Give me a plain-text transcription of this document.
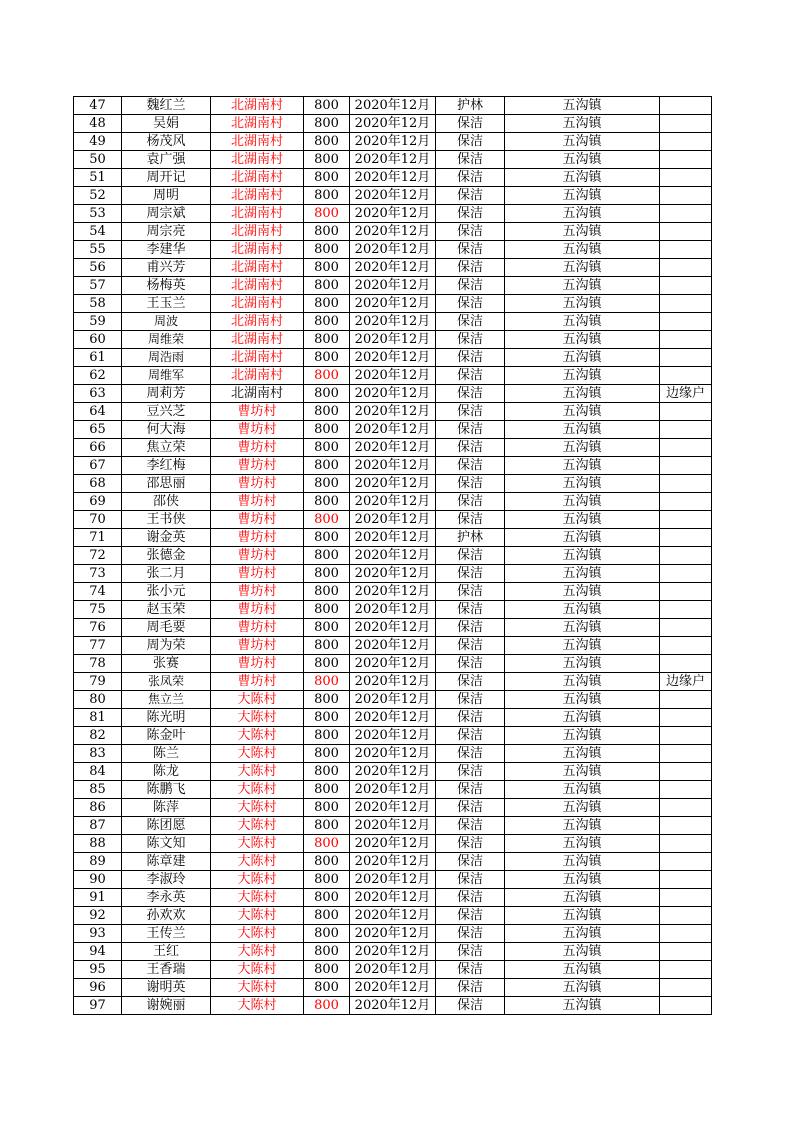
47	魏红兰	北湖南村	800	2020年12月	护林	五沟镇	
48	吴娟	北湖南村	800	2020年12月	保洁	五沟镇	
49	杨茂风	北湖南村	800	2020年12月	保洁	五沟镇	
50	袁广强	北湖南村	800	2020年12月	保洁	五沟镇	
51	周开记	北湖南村	800	2020年12月	保洁	五沟镇	
52	周明	北湖南村	800	2020年12月	保洁	五沟镇	
53	周宗斌	北湖南村	800	2020年12月	保洁	五沟镇	
54	周宗亮	北湖南村	800	2020年12月	保洁	五沟镇	
55	李建华	北湖南村	800	2020年12月	保洁	五沟镇	
56	甫兴芳	北湖南村	800	2020年12月	保洁	五沟镇	
57	杨梅英	北湖南村	800	2020年12月	保洁	五沟镇	
58	王玉兰	北湖南村	800	2020年12月	保洁	五沟镇	
59	周波	北湖南村	800	2020年12月	保洁	五沟镇	
60	周维荣	北湖南村	800	2020年12月	保洁	五沟镇	
61	周浩雨	北湖南村	800	2020年12月	保洁	五沟镇	
62	周维军	北湖南村	800	2020年12月	保洁	五沟镇	
63	周莉芳	北湖南村	800	2020年12月	保洁	五沟镇	边缘户
64	豆兴芝	曹坊村	800	2020年12月	保洁	五沟镇	
65	何大海	曹坊村	800	2020年12月	保洁	五沟镇	
66	焦立荣	曹坊村	800	2020年12月	保洁	五沟镇	
67	李红梅	曹坊村	800	2020年12月	保洁	五沟镇	
68	邵思丽	曹坊村	800	2020年12月	保洁	五沟镇	
69	邵侠	曹坊村	800	2020年12月	保洁	五沟镇	
70	王书侠	曹坊村	800	2020年12月	保洁	五沟镇	
71	谢金英	曹坊村	800	2020年12月	护林	五沟镇	
72	张德金	曹坊村	800	2020年12月	保洁	五沟镇	
73	张二月	曹坊村	800	2020年12月	保洁	五沟镇	
74	张小元	曹坊村	800	2020年12月	保洁	五沟镇	
75	赵玉荣	曹坊村	800	2020年12月	保洁	五沟镇	
76	周毛要	曹坊村	800	2020年12月	保洁	五沟镇	
77	周为荣	曹坊村	800	2020年12月	保洁	五沟镇	
78	张赛	曹坊村	800	2020年12月	保洁	五沟镇	
79	张凤荣	曹坊村	800	2020年12月	保洁	五沟镇	边缘户
80	焦立兰	大陈村	800	2020年12月	保洁	五沟镇	
81	陈光明	大陈村	800	2020年12月	保洁	五沟镇	
82	陈金叶	大陈村	800	2020年12月	保洁	五沟镇	
83	陈兰	大陈村	800	2020年12月	保洁	五沟镇	
84	陈龙	大陈村	800	2020年12月	保洁	五沟镇	
85	陈鹏飞	大陈村	800	2020年12月	保洁	五沟镇	
86	陈萍	大陈村	800	2020年12月	保洁	五沟镇	
87	陈团愿	大陈村	800	2020年12月	保洁	五沟镇	
88	陈文知	大陈村	800	2020年12月	保洁	五沟镇	
89	陈章建	大陈村	800	2020年12月	保洁	五沟镇	
90	李淑玲	大陈村	800	2020年12月	保洁	五沟镇	
91	李永英	大陈村	800	2020年12月	保洁	五沟镇	
92	孙欢欢	大陈村	800	2020年12月	保洁	五沟镇	
93	王传兰	大陈村	800	2020年12月	保洁	五沟镇	
94	王红	大陈村	800	2020年12月	保洁	五沟镇	
95	王香瑞	大陈村	800	2020年12月	保洁	五沟镇	
96	谢明英	大陈村	800	2020年12月	保洁	五沟镇	
97	谢婉丽	大陈村	800	2020年12月	保洁	五沟镇	
